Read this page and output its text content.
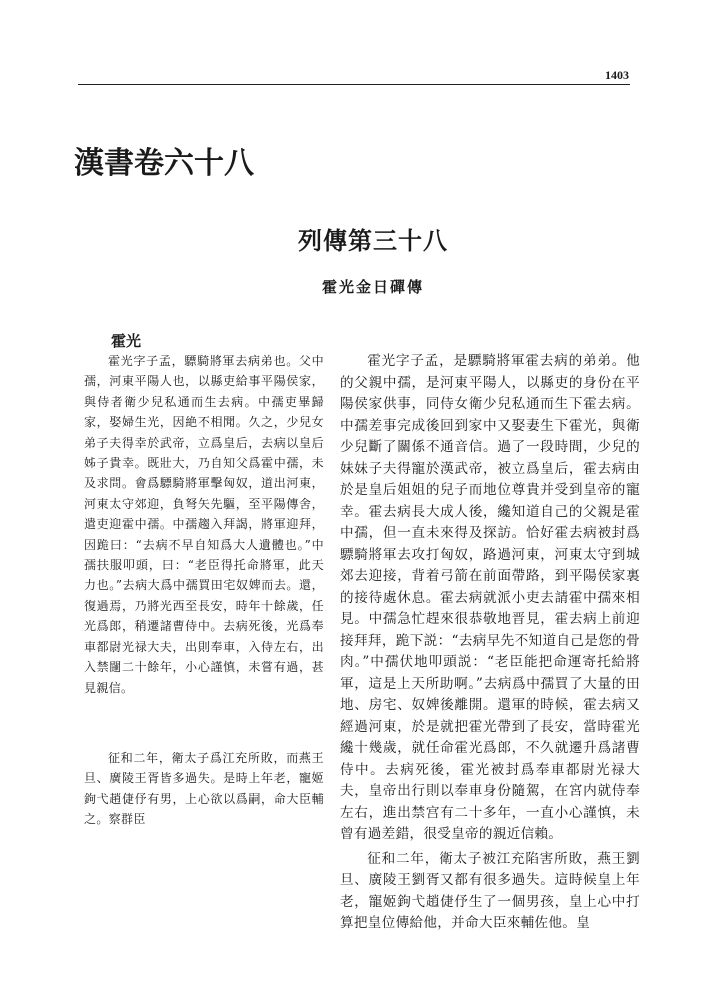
1403
漢書卷六十八
列傳第三十八
霍光金日磾傳
霍光

霍光字子孟，驃騎將軍去病弟也。父中孺，河東平陽人也，以縣吏給事平陽侯家，與侍者衛少兒私通而生去病。中孺吏畢歸家，娶婦生光，因絶不相聞。久之，少兒女弟子夫得幸於武帝，立爲皇后，去病以皇后姊子貴幸。既壯大，乃自知父爲霍中孺，未及求問。會爲驃騎將軍擊匈奴，道出河東，河東太守郊迎，負弩矢先驅，至平陽傳舍，遣吏迎霍中孺。中孺趨入拜謁，將軍迎拜，因跪曰：“去病不早自知爲大人遺體也。”中孺扶服叩頭，曰：“老臣得托命將軍，此天力也。”去病大爲中孺買田宅奴婢而去。還，復過焉，乃將光西至長安，時年十餘歲，任光爲郎，稍遷諸曹侍中。去病死後，光爲奉車都尉光禄大夫，出則奉車，入侍左右，出入禁闥二十餘年，小心謹慎，未嘗有過，甚見親信。

征和二年，衛太子爲江充所敗，而燕王旦、廣陵王胥皆多過失。是時上年老，寵姬鉤弋趙倢伃有男，上心欲以爲嗣，命大臣輔之。察群臣

霍光字子孟，是驃騎將軍霍去病的弟弟。他的父親中孺，是河東平陽人，以縣吏的身份在平陽侯家供事，同侍女衛少兒私通而生下霍去病。中孺差事完成後回到家中又娶妻生下霍光，與衛少兒斷了關係不通音信。過了一段時間，少兒的妹妹子夫得寵於漢武帝，被立爲皇后，霍去病由於是皇后姐姐的兒子而地位尊貴并受到皇帝的寵幸。霍去病長大成人後，纔知道自己的父親是霍中孺，但一直未來得及探訪。恰好霍去病被封爲驃騎將軍去攻打匈奴，路過河東，河東太守到城郊去迎接，背着弓箭在前面帶路，到平陽侯家裏的接待處休息。霍去病就派小吏去請霍中孺來相見。中孺急忙趕來很恭敬地晋見，霍去病上前迎接拜拜，跪下説：“去病早先不知道自己是您的骨肉。”中孺伏地叩頭説：“老臣能把命運寄托給將軍，這是上天所助啊。”去病爲中孺買了大量的田地、房宅、奴婢後離開。還軍的時候，霍去病又經過河東，於是就把霍光帶到了長安，當時霍光纔十幾歲，就任命霍光爲郎，不久就遷升爲諸曹侍中。去病死後，霍光被封爲奉車都尉光禄大夫，皇帝出行則以奉車身份隨駕，在宮内就侍奉左右，進出禁宫有二十多年，一直小心謹慎，未曾有過差錯，很受皇帝的親近信賴。

征和二年，衛太子被江充陷害所敗，燕王劉旦、廣陵王劉胥又都有很多過失。這時候皇上年老，寵姬鉤弋趙倢伃生了一個男孩，皇上心中打算把皇位傳給他，并命大臣來輔佐他。皇
